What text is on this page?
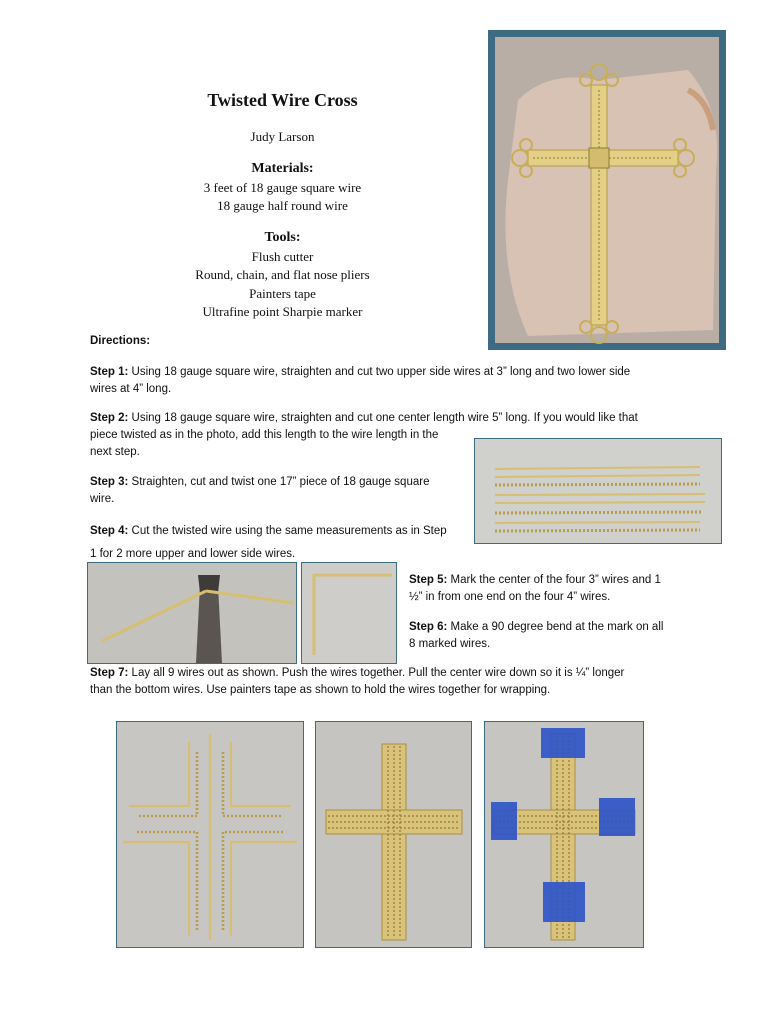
Twisted Wire Cross
Judy Larson
Materials:
3 feet of 18 gauge square wire
18 gauge half round wire
Tools:
Flush cutter
Round, chain, and flat nose pliers
Painters tape
Ultrafine point Sharpie marker
Directions:
Step 1: Using 18 gauge square wire, straighten and cut two upper side wires at 3” long and two lower side
wires at 4” long.
Step 2: Using 18 gauge square wire, straighten and cut one center length wire 5” long. If you would like that
piece twisted as in the photo, add this length to the wire length in the
next step.
Step 3: Straighten, cut and twist one 17” piece of 18 gauge square
wire.
Step 4: Cut the twisted wire using the same measurements as in Step
1 for 2 more upper and lower side wires.
Step 5: Mark the center of the four 3” wires and 1
½” in from one end on the four 4” wires.
Step 6: Make a 90 degree bend at the mark on all
8 marked wires.
Step 7: Lay all 9 wires out as shown. Push the wires together. Pull the center wire down so it is ¼” longer
than the bottom wires. Use painters tape as shown to hold the wires together for wrapping.
